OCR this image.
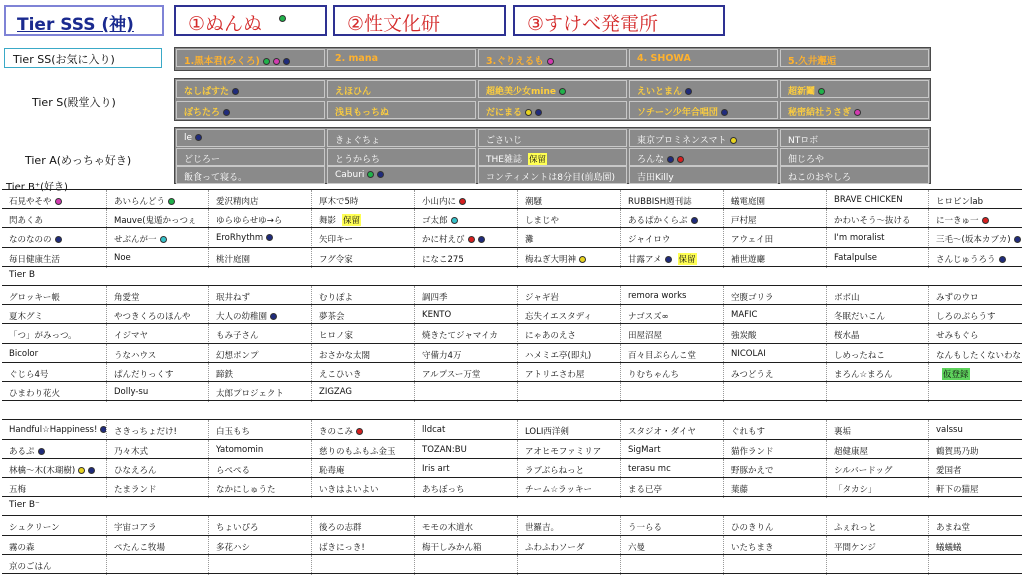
Tier SSS (神)	①ぬんぬ	②性文化研	③すけべ発電所
Tier SS(お気に入り)
Tier S(殿堂入り)
Tier A(めっちゃ好き)
Tier B⁺(好き)
1.黒本君(みくろ)	2. mana	3.ぐりえるも	4. SHOWA	5.久井邂逅
なしぱすた	えほひん	超絶美少女mine	えいとまん	超新鬮
ぽちたろ	浅貝もっちぬ	だにまる	ソチーン少年合唱団	秘密結社うさぎ
le	きょぐちょ	ごさいじ	東京プロミネンスマト	NTロボ
どじろー	とうからち	THE雑誌 保留	ろんな	佃じろや
飯食って寝る。	Caburi	コンティメントは8分目(前島園)	吉田Killy	ねこのおやしろ
石見やそや	あいらんどう	愛沢精肉店	厚木で5時	小山内に	潮騒	RUBBISH週刊誌	蟻電庭園	BRAVE CHICKEN	ヒロピンlab
閃あくあ	Mauve(鬼遁かっつぇ	ゆらゆらせゆ→ら	舞影 保留	ゴ太郎	しまじや	あるぱかくらぶ	戸村屋	かわいそう〜抜ける	に一きゅ一
なのなのの	せぶんが一	EroRhythm	矢印キー	かに村えび	灘	ジャイロウ	アウェイ田	I'm moralist	三毛〜(坂本カブカ)
毎日健康生活	Noe	桃汁庭園	フグ令家	になこ275	梅ねぎ大明神	甘露アメ 保留	補世遊廳	Fatalpulse	さんじゅうろう
Tier B
グロッキー帳	角愛堂	珉井ねず	むりぽよ	調四季	ジャギ岩	remora works	空腹ゴリラ	ボボ山	みずのウロ
夏木グミ	やつきくろのほんや	大人の幼稚園	夢茶会	KENTO	忘失イエスタディ	ナゴスズ∞	MAFIC	冬眠だいこん	しろのぶらうす
「つ」がみっつ。	イジマヤ	もみ子さん	ヒロノ家	焼きたてジャマイカ	にゃあのえさ	田屋沼屋	強炭酸	桜水晶	せみもぐら
Bicolor	うなハウス	幻想ポンプ	おさかな太閤	守備力4万	ハメミエ亭(即丸)	百々目ぷらんこ堂	NICOLAI	しめったねこ	なんもしたくないわな
ぐじら4号	ぱんだりっくす	蹄鉄	えこひいき	アルプスー万堂	アトリエさわ屋	りむちゃんち	みつどうえ	まろん☆まろん	仮登録
ひまわり花火	Dolly-su	太郎プロジェクト	ZIGZAG
Handful☆Happiness!	さきっちょだけ!	白玉もち	きのこみ	lldcat	LOLI西洋剣	スタジオ・ダイヤ	ぐれもす	裏垢	valssu
あるぷ	乃々木式	Yatomomin	慈りのもふもふ金玉	TOZAN:BU	アオヒモファミリア	SigMart	猫作ランド	超健康屋	鶴賀馬乃助
林檎〜木(木瑚樹)	ひなえろん	らぺぺる	恥毒庵	Iris art	ラブぶらねっと	terasu mc	野豚かえで	シルバードッグ	愛国者
五梅	たまランド	なかにしゅうた	いきはよいよい	あちぼっち	チーム☆ラッキー	まる已亭	葉藤	「タカシ」	軒下の猫屋
Tier B⁻
シュクリーン	宇宙コアラ	ちょいぴろ	後ろの志群	モモの木道水	世羅吉。	う一らる	ひのきりん	ふぇれっと	あまね堂
霧の森	ぺたんこ牧場	多花ハシ	ばきにっき!	梅干しみかん箱	ふわふわソーダ	六曼	いたちまき	平間ケンジ	蟻蟻蟻
京のごはん
